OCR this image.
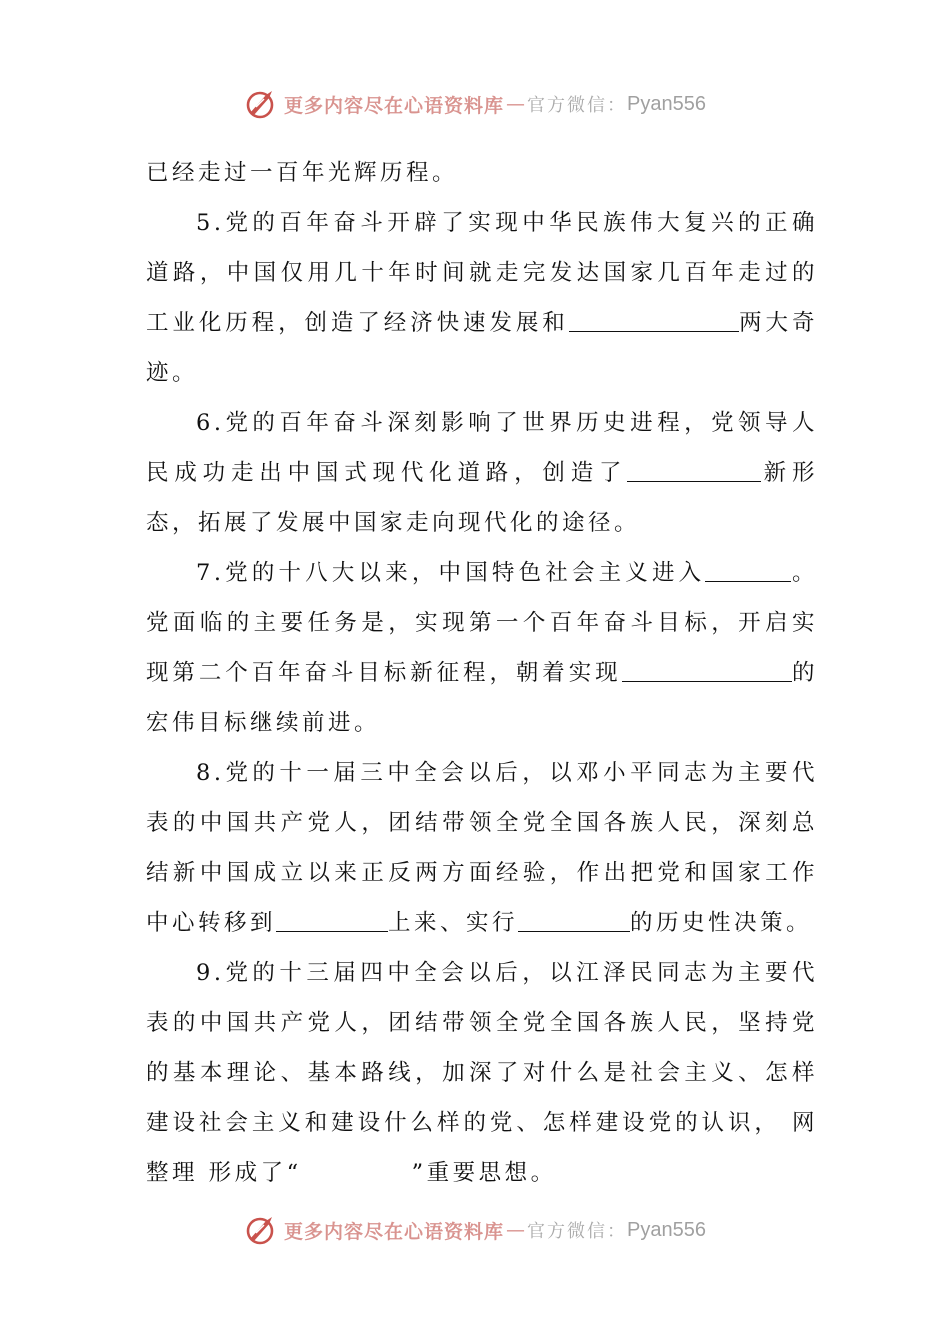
更多内容尽在心语资料库 — 官方微信： Pyan556

已经走过一百年光辉历程。

5.党的百年奋斗开辟了实现中华民族伟大复兴的正确道路，中国仅用几十年时间就走完发达国家几百年走过的工业化历程，创造了经济快速发展和	两大奇迹。

6.党的百年奋斗深刻影响了世界历史进程，党领导人民成功走出中国式现代化道路，创造了	新形态，拓展了发展中国家走向现代化的途径。

7.党的十八大以来，中国特色社会主义进入	。党面临的主要任务是，实现第一个百年奋斗目标，开启实现第二个百年奋斗目标新征程，朝着实现	的宏伟目标继续前进。

8.党的十一届三中全会以后，以邓小平同志为主要代表的中国共产党人，团结带领全党全国各族人民，深刻总结新中国成立以来正反两方面经验，作出把党和国家工作中心转移到	上来、实行	的历史性决策。

9.党的十三届四中全会以后，以江泽民同志为主要代表的中国共产党人，团结带领全党全国各族人民，坚持党的基本理论、基本路线，加深了对什么是社会主义、怎样建设社会主义和建设什么样的党、怎样建设党的认识， 网整理 形成了“	”重要思想。

更多内容尽在心语资料库 — 官方微信： Pyan556
